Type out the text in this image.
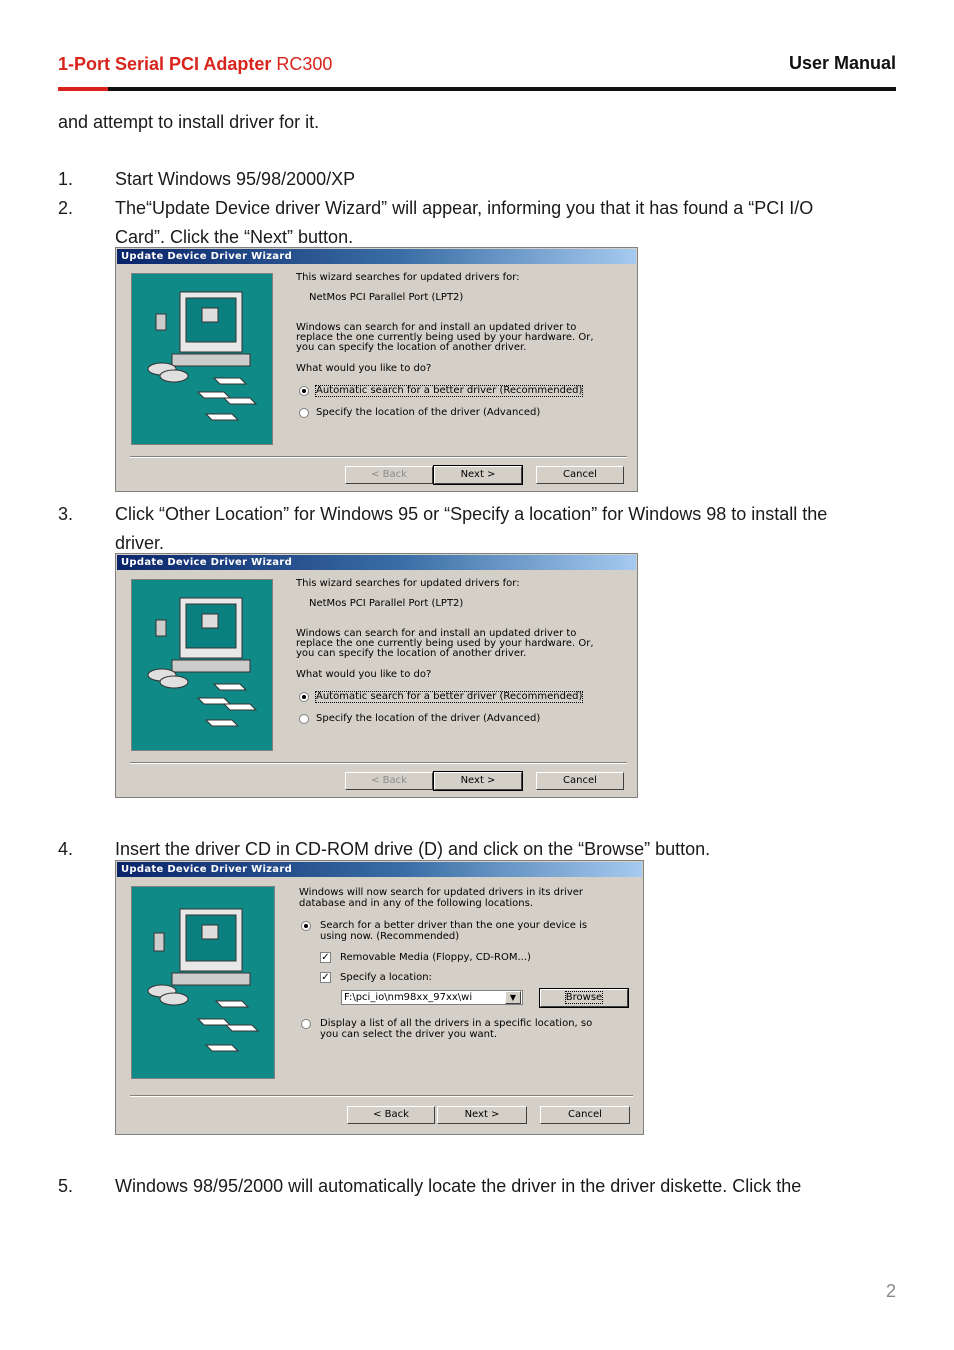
1-Port Serial PCI Adapter RC300	User Manual
and attempt to install driver for it.
1. Start Windows 95/98/2000/XP
2. The“Update Device driver Wizard” will appear, informing you that it has found a “PCI I/O
Card”. Click the “Next” button.
Update Device Driver Wizard
This wizard searches for updated drivers for:
NetMos PCI Parallel Port (LPT2)
Windows can search for and install an updated driver to
replace the one currently being used by your hardware. Or,
you can specify the location of another driver.
What would you like to do?
Automatic search for a better driver (Recommended)
Specify the location of the driver (Advanced)
< Back	Next >	Cancel
3. Click “Other Location” for Windows 95 or “Specify a location” for Windows 98 to install the
driver.
Update Device Driver Wizard
This wizard searches for updated drivers for:
NetMos PCI Parallel Port (LPT2)
Windows can search for and install an updated driver to
replace the one currently being used by your hardware. Or,
you can specify the location of another driver.
What would you like to do?
Automatic search for a better driver (Recommended)
Specify the location of the driver (Advanced)
< Back	Next >	Cancel
4. Insert the driver CD in CD-ROM drive (D) and click on the “Browse” button.
Update Device Driver Wizard
Windows will now search for updated drivers in its driver
database and in any of the following locations.
Search for a better driver than the one your device is
using now. (Recommended)
✓ Removable Media (Floppy, CD-ROM...)
✓ Specify a location:
F:\pci_io\nm98xx_97xx\wi	▼	Browse
Display a list of all the drivers in a specific location, so
you can select the driver you want.
< Back	Next >	Cancel
5. Windows 98/95/2000 will automatically locate the driver in the driver diskette. Click the
2
